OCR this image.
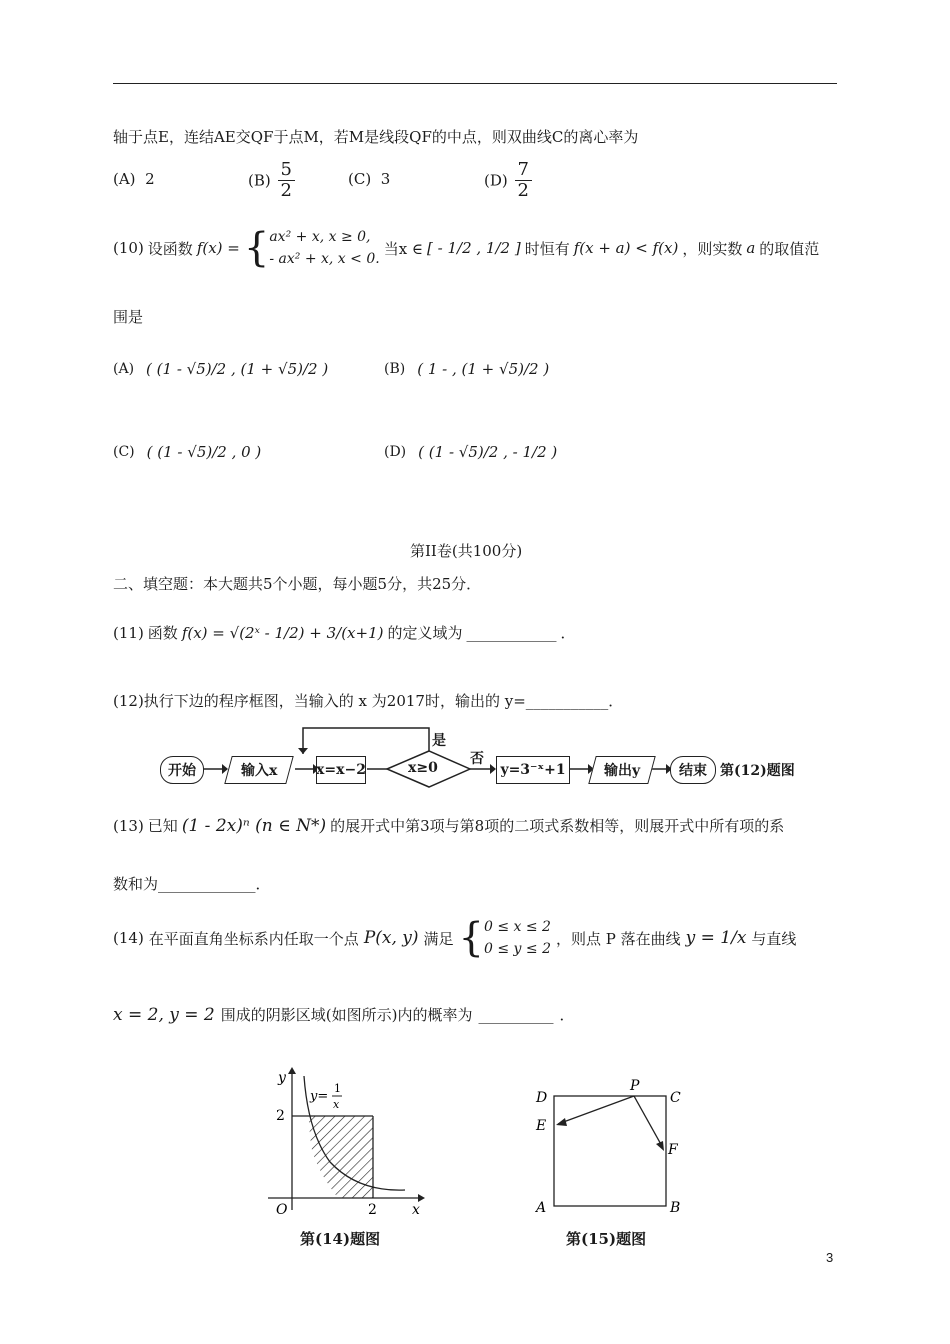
轴于点E，连结AE交QF于点M，若M是线段QF的中点，则双曲线C的离心率为
(A) 2	$(B) \frac{5}{2}$	(C) 3	$(D) \frac{7}{2}$
(10) 设函数 f(x) = { ax² + x, x ≥ 0,
- ax² + x, x < 0.
当x ∈ [ - 1/2 , 1/2 ] 时恒有 f(x + a) < f(x) ，则实数 a 的取值范
围是
(A) ( (1 - √5)/2 , (1 + √5)/2 )	(B) ( 1 - , (1 + √5)/2 )
(C) ( (1 - √5)/2 , 0 )	(D) ( (1 - √5)/2 , - 1/2 )
第II卷(共100分)
二、填空题：本大题共5个小题，每小题5分，共25分．
(11) 函数 f(x) = √(2ˣ - 1/2) + 3/(x+1) 的定义域为 ____________ ．
(12)执行下边的程序框图，当输入的 x 为2017时，输出的 y=___________．
开始	输入x	x=x−2	x≥0
是
否
y=3⁻ˣ+1	输出y	结束 第(12)题图
(13) 已知 (1 - 2x)ⁿ (n ∈ N*) 的展开式中第3项与第8项的二项式系数相等，则展开式中所有项的系
数和为_____________．
(14) 在平面直角坐标系内任取一个点 P(x, y) 满足 { 0 ≤ x ≤ 2
0 ≤ y ≤ 2
，则点 P 落在曲线 y = 1/x 与直线
x = 2, y = 2 围成的阴影区域(如图所示)内的概率为 __________ ．
y
x
O	2
2
y=
1
x
第(14)题图
D	C
A	B
E
F
P
第(15)题图
3
